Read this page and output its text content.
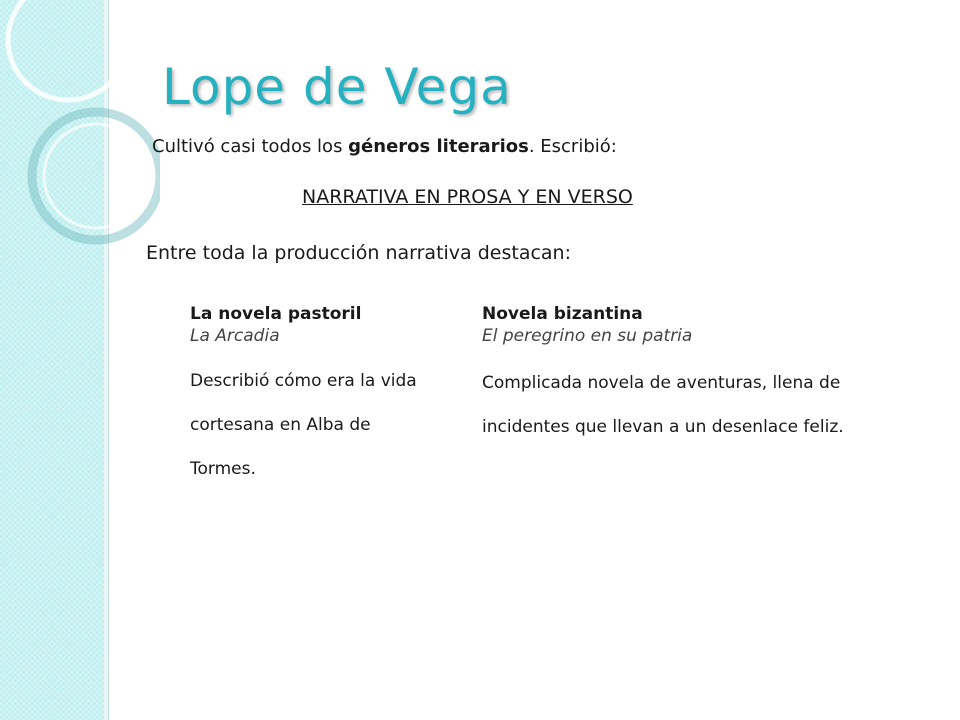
Lope de Vega
Cultivó casi todos los géneros literarios. Escribió:
NARRATIVA EN PROSA Y EN VERSO
Entre toda la producción narrativa destacan:
La novela pastoril
La Arcadia
Describió cómo era la vida cortesana en Alba de Tormes.
Novela bizantina
El peregrino en su patria
Complicada novela de aventuras, llena de incidentes que llevan a un desenlace feliz.
